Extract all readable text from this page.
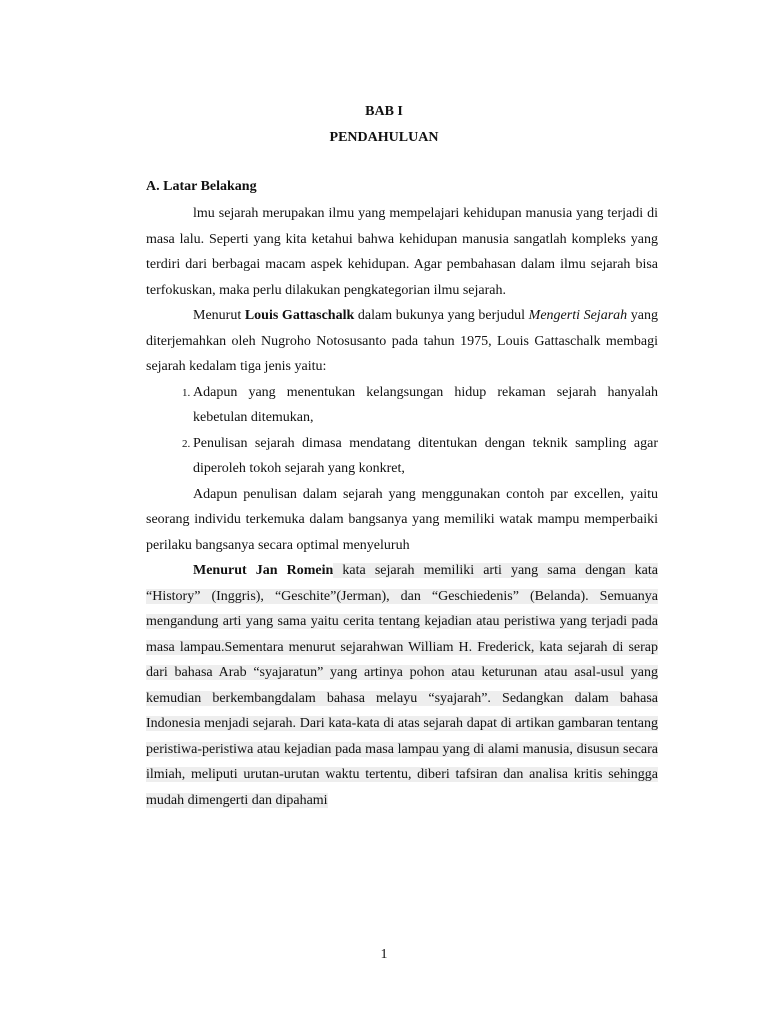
BAB I
PENDAHULUAN
A. Latar Belakang

lmu sejarah merupakan ilmu yang mempelajari kehidupan manusia yang terjadi di masa lalu. Seperti yang kita ketahui bahwa kehidupan manusia sangatlah kompleks yang terdiri dari berbagai macam aspek kehidupan. Agar pembahasan dalam ilmu sejarah bisa terfokuskan, maka perlu dilakukan pengkategorian ilmu sejarah.

Menurut Louis Gattaschalk dalam bukunya yang berjudul Mengerti Sejarah yang diterjemahkan oleh Nugroho Notosusanto pada tahun 1975, Louis Gattaschalk membagi sejarah kedalam tiga jenis yaitu:

1. Adapun yang menentukan kelangsungan hidup rekaman sejarah hanyalah kebetulan ditemukan,
2. Penulisan sejarah dimasa mendatang ditentukan dengan teknik sampling agar diperoleh tokoh sejarah yang konkret,

Adapun penulisan dalam sejarah yang menggunakan contoh par excellen, yaitu seorang individu terkemuka dalam bangsanya yang memiliki watak mampu memperbaiki perilaku bangsanya secara optimal menyeluruh

Menurut Jan Romein kata sejarah memiliki arti yang sama dengan kata “History” (Inggris), “Geschite”(Jerman), dan “Geschiedenis” (Belanda). Semuanya mengandung arti yang sama yaitu cerita tentang kejadian atau peristiwa yang terjadi pada masa lampau.Sementara menurut sejarahwan William H. Frederick, kata sejarah di serap dari bahasa Arab “syajaratun” yang artinya pohon atau keturunan atau asal-usul yang kemudian berkembangdalam bahasa melayu “syajarah”. Sedangkan dalam bahasa Indonesia menjadi sejarah. Dari kata-kata di atas sejarah dapat di artikan gambaran tentang peristiwa-peristiwa atau kejadian pada masa lampau yang di alami manusia, disusun secara ilmiah, meliputi urutan-urutan waktu tertentu, diberi tafsiran dan analisa kritis sehingga mudah dimengerti dan dipahami

1
